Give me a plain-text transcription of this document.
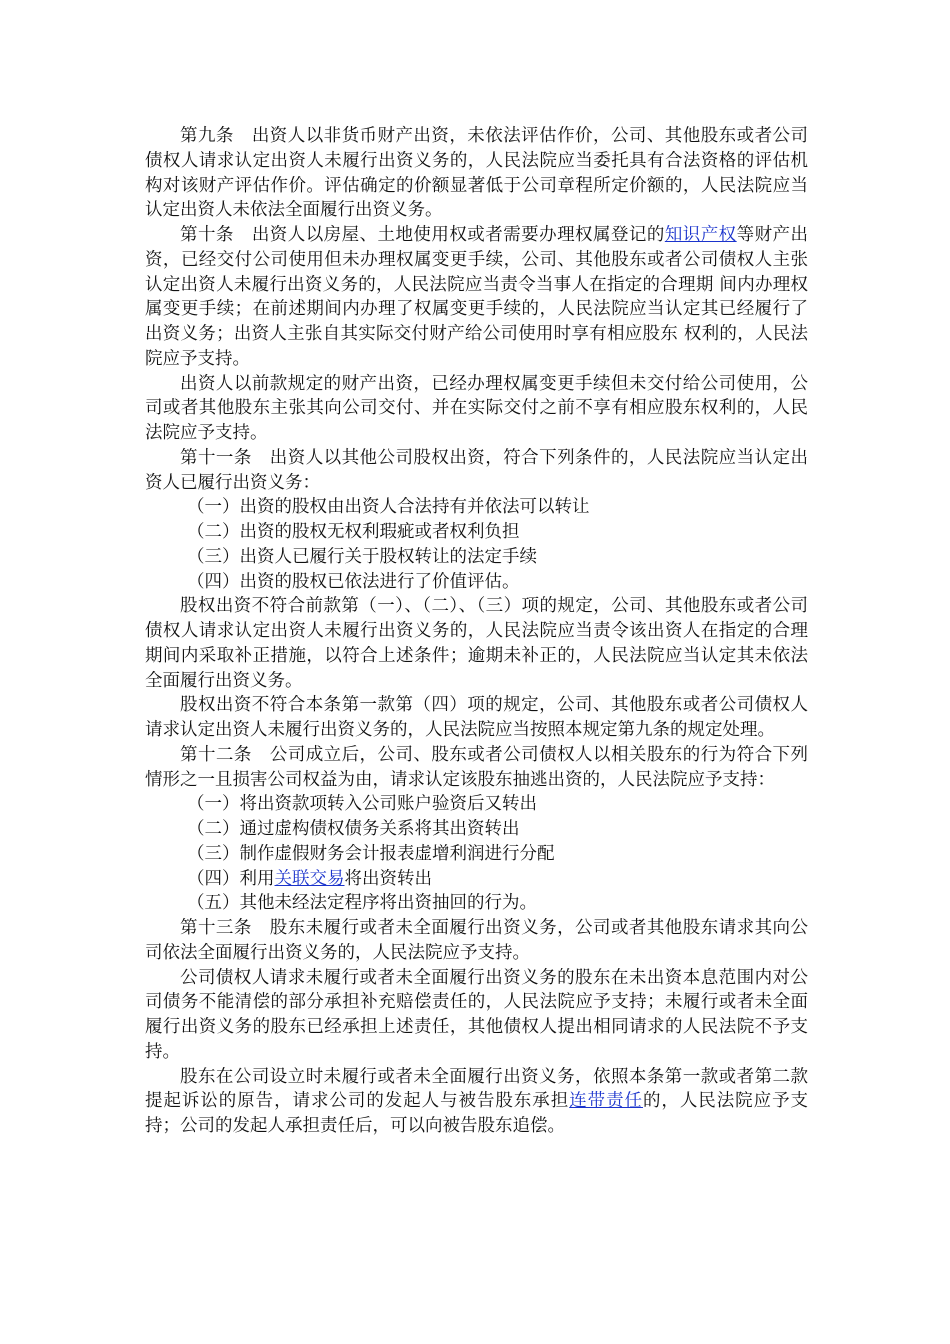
第九条　出资人以非货币财产出资，未依法评估作价，公司、其他股东或者公司债权人请求认定出资人未履行出资义务的，人民法院应当委托具有合法资格的评估机构对该财产评估作价。评估确定的价额显著低于公司章程所定价额的，人民法院应当认定出资人未依法全面履行出资义务。

第十条　出资人以房屋、土地使用权或者需要办理权属登记的知识产权等财产出资，已经交付公司使用但未办理权属变更手续，公司、其他股东或者公司债权人主张认定出资人未履行出资义务的，人民法院应当责令当事人在指定的合理期 间内办理权属变更手续；在前述期间内办理了权属变更手续的，人民法院应当认定其已经履行了出资义务；出资人主张自其实际交付财产给公司使用时享有相应股东 权利的，人民法院应予支持。

出资人以前款规定的财产出资，已经办理权属变更手续但未交付给公司使用，公司或者其他股东主张其向公司交付、并在实际交付之前不享有相应股东权利的，人民法院应予支持。

第十一条　出资人以其他公司股权出资，符合下列条件的，人民法院应当认定出资人已履行出资义务：

（一）出资的股权由出资人合法持有并依法可以转让

（二）出资的股权无权利瑕疵或者权利负担

（三）出资人已履行关于股权转让的法定手续

（四）出资的股权已依法进行了价值评估。

股权出资不符合前款第（一）、（二）、（三）项的规定，公司、其他股东或者公司债权人请求认定出资人未履行出资义务的，人民法院应当责令该出资人在指定的合理期间内采取补正措施，以符合上述条件；逾期未补正的，人民法院应当认定其未依法全面履行出资义务。

股权出资不符合本条第一款第（四）项的规定，公司、其他股东或者公司债权人请求认定出资人未履行出资义务的，人民法院应当按照本规定第九条的规定处理。

第十二条　公司成立后，公司、股东或者公司债权人以相关股东的行为符合下列情形之一且损害公司权益为由，请求认定该股东抽逃出资的，人民法院应予支持：

（一）将出资款项转入公司账户验资后又转出

（二）通过虚构债权债务关系将其出资转出

（三）制作虚假财务会计报表虚增利润进行分配

（四）利用关联交易将出资转出

（五）其他未经法定程序将出资抽回的行为。

第十三条　股东未履行或者未全面履行出资义务，公司或者其他股东请求其向公司依法全面履行出资义务的，人民法院应予支持。

公司债权人请求未履行或者未全面履行出资义务的股东在未出资本息范围内对公司债务不能清偿的部分承担补充赔偿责任的，人民法院应予支持；未履行或者未全面履行出资义务的股东已经承担上述责任，其他债权人提出相同请求的人民法院不予支持。

股东在公司设立时未履行或者未全面履行出资义务，依照本条第一款或者第二款提起诉讼的原告，请求公司的发起人与被告股东承担连带责任的，人民法院应予支持；公司的发起人承担责任后，可以向被告股东追偿。
